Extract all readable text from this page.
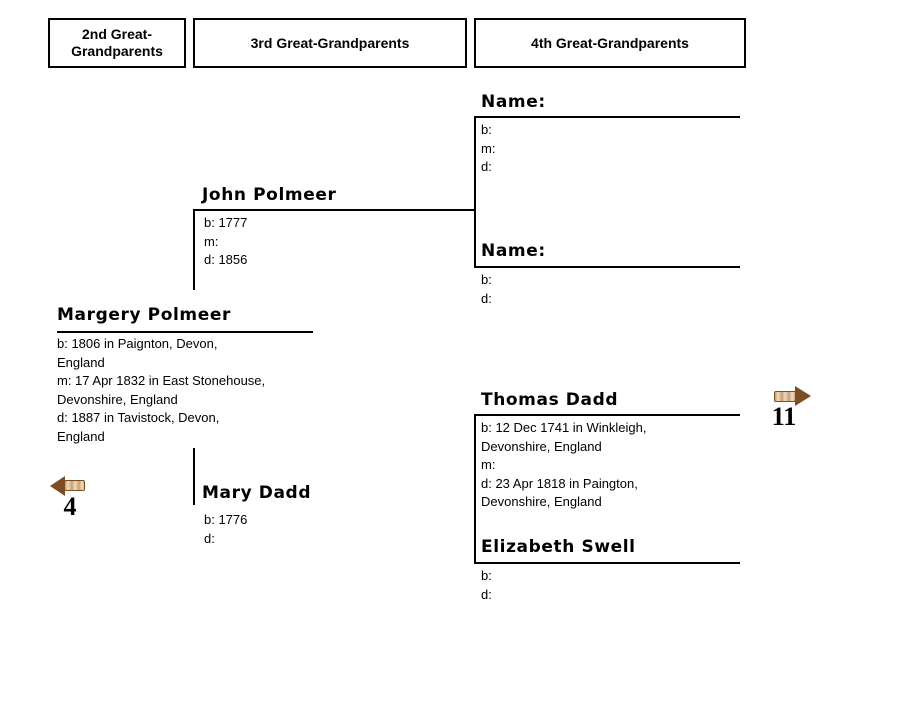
2nd Great-Grandparents
3rd Great-Grandparents	4th Great-Grandparents
Name:
b:
m:
d:
Name:
b:
d:
John Polmeer
b: 1777
m:
d: 1856
Margery Polmeer
b: 1806 in Paignton, Devon,
England
m: 17 Apr 1832 in East Stonehouse,
Devonshire, England
d: 1887 in Tavistock, Devon,
England
Mary Dadd
b: 1776
d:
Thomas Dadd
b: 12 Dec 1741 in Winkleigh,
Devonshire, England
m:
d: 23 Apr 1818 in Paington,
Devonshire, England
Elizabeth Swell
b:
d:
4
11
